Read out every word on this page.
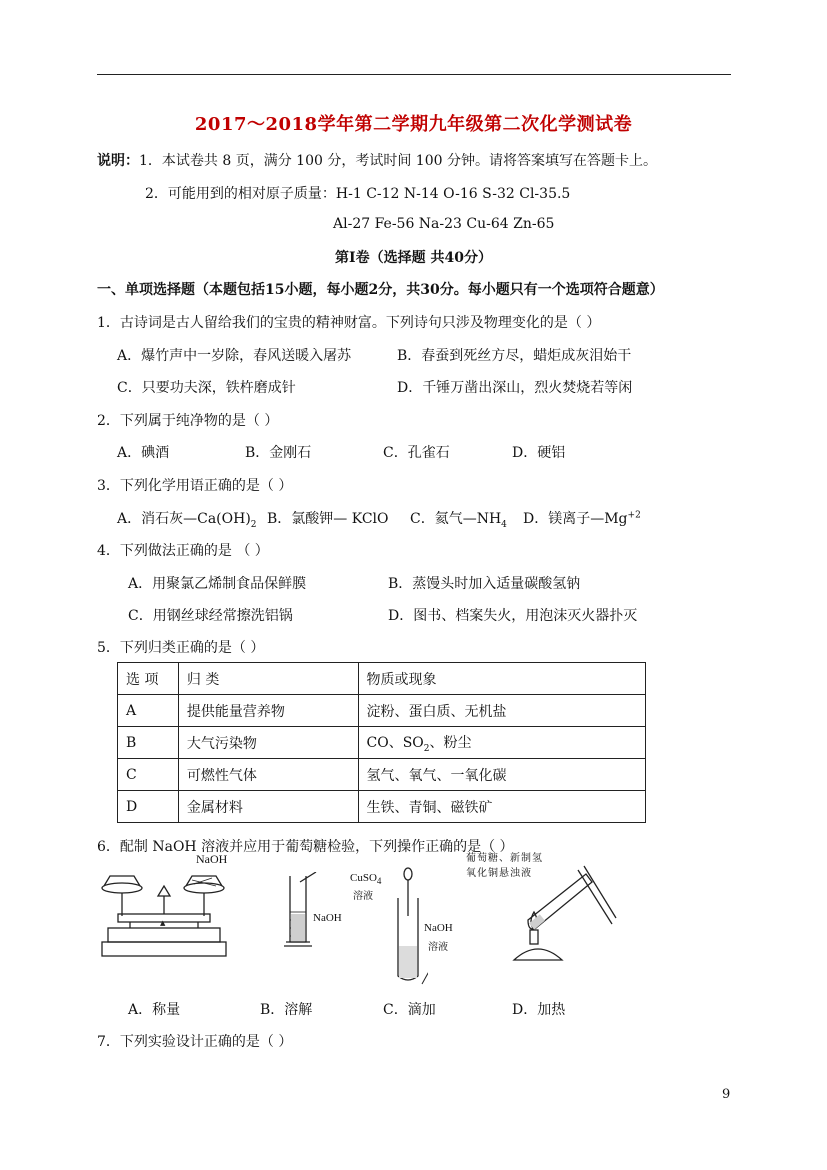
2017～2018学年第二学期九年级第二次化学测试卷
说明：1．本试卷共 8 页，满分 100 分，考试时间 100 分钟。请将答案填写在答题卡上。
2．可能用到的相对原子质量：H-1 C-12 N-14 O-16 S-32 Cl-35.5
Al-27 Fe-56 Na-23 Cu-64 Zn-65
第Ⅰ卷（选择题 共40分）
一、单项选择题（本题包括15小题，每小题2分，共30分。每小题只有一个选项符合题意）
1．古诗词是古人留给我们的宝贵的精神财富。下列诗句只涉及物理变化的是（ ）
A．爆竹声中一岁除，春风送暖入屠苏	B．春蚕到死丝方尽，蜡炬成灰泪始干
C．只要功夫深，铁杵磨成针	D．千锤万凿出深山，烈火焚烧若等闲
2．下列属于纯净物的是（ ）
A．碘酒	B．金刚石	C．孔雀石	D．硬铝
3．下列化学用语正确的是（ ）
A．消石灰$—Ca(OH)_2$ B．氯酸钾— KClO C．氦气$—NH_4$ D．镁离子$—Mg^{+2}$
4．下列做法正确的是 （ ）
A．用聚氯乙烯制食品保鲜膜	B．蒸馒头时加入适量碳酸氢钠
C．用钢丝球经常擦洗铝锅	D．图书、档案失火，用泡沫灭火器扑灭
5．下列归类正确的是（ ）
选 项	归 类	物质或现象
A	提供能量营养物	淀粉、蛋白质、无机盐
B	大气污染物	CO、$SO_2$、粉尘
C	可燃性气体	氢气、氧气、一氧化碳
D	金属材料	生铁、青铜、磁铁矿
6．配制 NaOH 溶液并应用于葡萄糖检验，下列操作正确的是（ ）
▲
NaOH
NaOH
CuSO$_4$
溶液
NaOH
溶液
葡萄糖、新制氢
氧化铜悬浊液
A．称量	B．溶解	C．滴加	D．加热
7．下列实验设计正确的是（ ）
9
